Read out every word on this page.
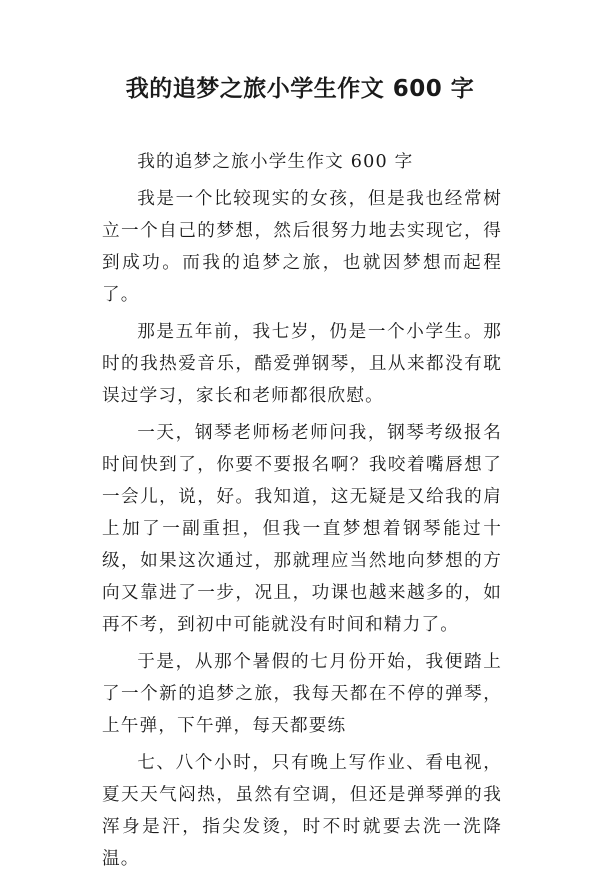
我的追梦之旅小学生作文 600 字

我的追梦之旅小学生作文 600 字

我是一个比较现实的女孩，但是我也经常树立一个自己的梦想，然后很努力地去实现它，得到成功。而我的追梦之旅，也就因梦想而起程了。

那是五年前，我七岁，仍是一个小学生。那时的我热爱音乐，酷爱弹钢琴，且从来都没有耽误过学习，家长和老师都很欣慰。

一天，钢琴老师杨老师问我，钢琴考级报名时间快到了，你要不要报名啊？我咬着嘴唇想了一会儿，说，好。我知道，这无疑是又给我的肩上加了一副重担，但我一直梦想着钢琴能过十级，如果这次通过，那就理应当然地向梦想的方向又靠进了一步，况且，功课也越来越多的，如再不考，到初中可能就没有时间和精力了。

于是，从那个暑假的七月份开始，我便踏上了一个新的追梦之旅，我每天都在不停的弹琴，上午弹，下午弹，每天都要练

七、八个小时，只有晚上写作业、看电视，夏天天气闷热，虽然有空调，但还是弹琴弹的我浑身是汗，指尖发烫，时不时就要去洗一洗降温。
